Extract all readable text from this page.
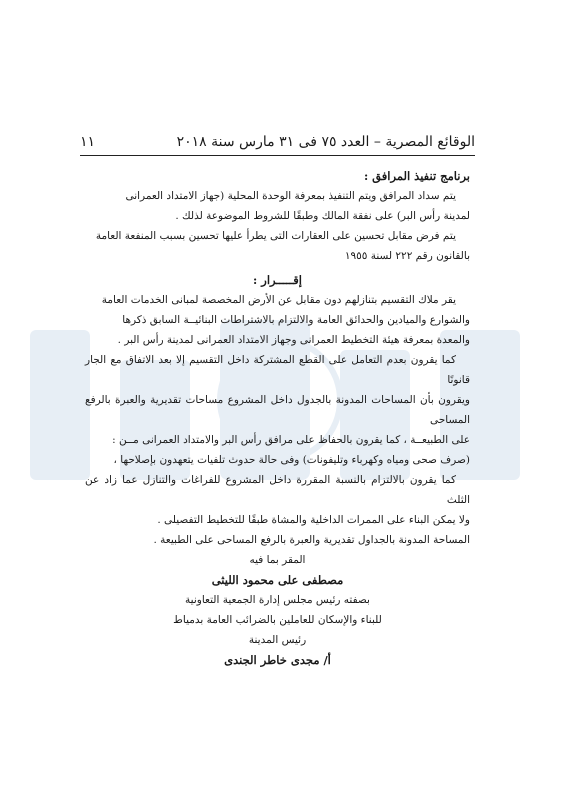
الوقائع المصرية – العدد ٧٥ فى ٣١ مارس سنة ٢٠١٨
١١

برنامج تنفيذ المرافق :

يتم سداد المرافق ويتم التنفيذ بمعرفة الوحدة المحلية (جهاز الامتداد العمرانى

لمدينة رأس البر) على نفقة المالك وطبقًا للشروط الموضوعة لذلك .

يتم فرض مقابل تحسين على العقارات التى يطرأ عليها تحسين بسبب المنفعة العامة

بالقانون رقم ٢٢٢ لسنة ١٩٥٥

إقـــــرار :

يقر ملاك التقسيم بتنازلهم دون مقابل عن الأرض المخصصة لمبانى الخدمات العامة

والشوارع والميادين والحدائق العامة والالتزام بالاشتراطات البنائيــة السابق ذكرها

والمعدة بمعرفة هيئة التخطيط العمرانى وجهاز الامتداد العمرانى لمدينة رأس البر .

كما يقرون بعدم التعامل على القطع المشتركة داخل التقسيم إلا بعد الاتفاق مع الجار قانونًا

ويقرون بأن المساحات المدونة بالجدول داخل المشروع مساحات تقديرية والعبرة بالرفع المساحى

على الطبيعــة ، كما يقرون بالحفاظ على مرافق رأس البر والامتداد العمرانى مــن :

(صرف صحى ومياه وكهرباء وتليفونات) وفى حالة حدوث تلفيات يتعهدون بإصلاحها ،

كما يقرون بالالتزام بالنسبة المقررة داخل المشروع للفراغات والتنازل عما زاد عن الثلث

ولا يمكن البناء على الممرات الداخلية والمشاة طبقًا للتخطيط التفصيلى .

المساحة المدونة بالجداول تقديرية والعبرة بالرفع المساحى على الطبيعة .

المقر بما فيه

مصطفى على محمود الليثى

بصفته رئيس مجلس إدارة الجمعية التعاونية

للبناء والإسكان للعاملين بالضرائب العامة بدمياط

رئيس المدينة

أ/ مجدى خاطر الجندى
